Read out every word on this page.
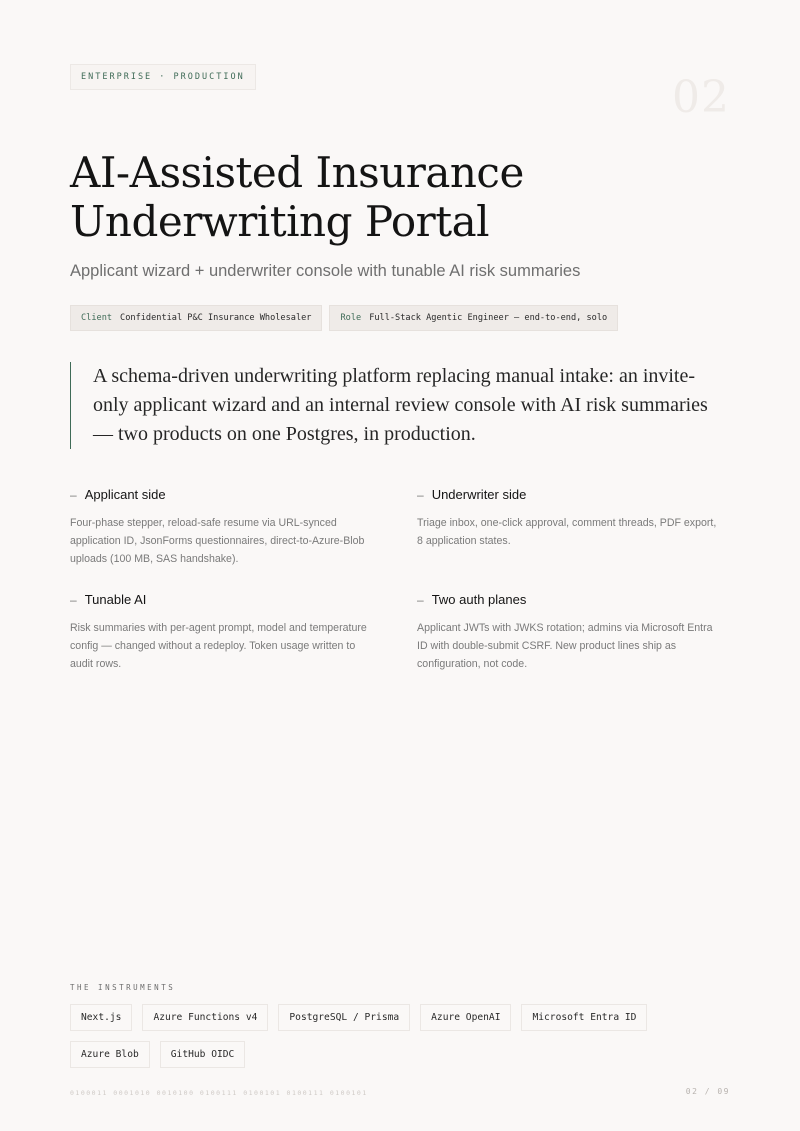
ENTERPRISE · PRODUCTION	02
AI-Assisted Insurance Underwriting Portal

Applicant wizard + underwriter console with tunable AI risk summaries

Client Confidential P&C Insurance Wholesaler	Role Full-Stack Agentic Engineer — end-to-end, solo
A schema-driven underwriting platform replacing manual intake: an invite-only applicant wizard and an internal review console with AI risk summaries — two products on one Postgres, in production.
– Applicant side

Four-phase stepper, reload-safe resume via URL-synced application ID, JsonForms questionnaires, direct-to-Azure-Blob uploads (100 MB, SAS handshake).

– Underwriter side

Triage inbox, one-click approval, comment threads, PDF export, 8 application states.

– Tunable AI

Risk summaries with per-agent prompt, model and temperature config — changed without a redeploy. Token usage written to audit rows.

– Two auth planes

Applicant JWTs with JWKS rotation; admins via Microsoft Entra ID with double-submit CSRF. New product lines ship as configuration, not code.

THE INSTRUMENTS
Next.js	Azure Functions v4	PostgreSQL / Prisma	Azure OpenAI	Microsoft Entra ID
Azure Blob	GitHub OIDC
0100011 0001010 0010100 0100111 0100101 0100111 0100101	02 / 09
